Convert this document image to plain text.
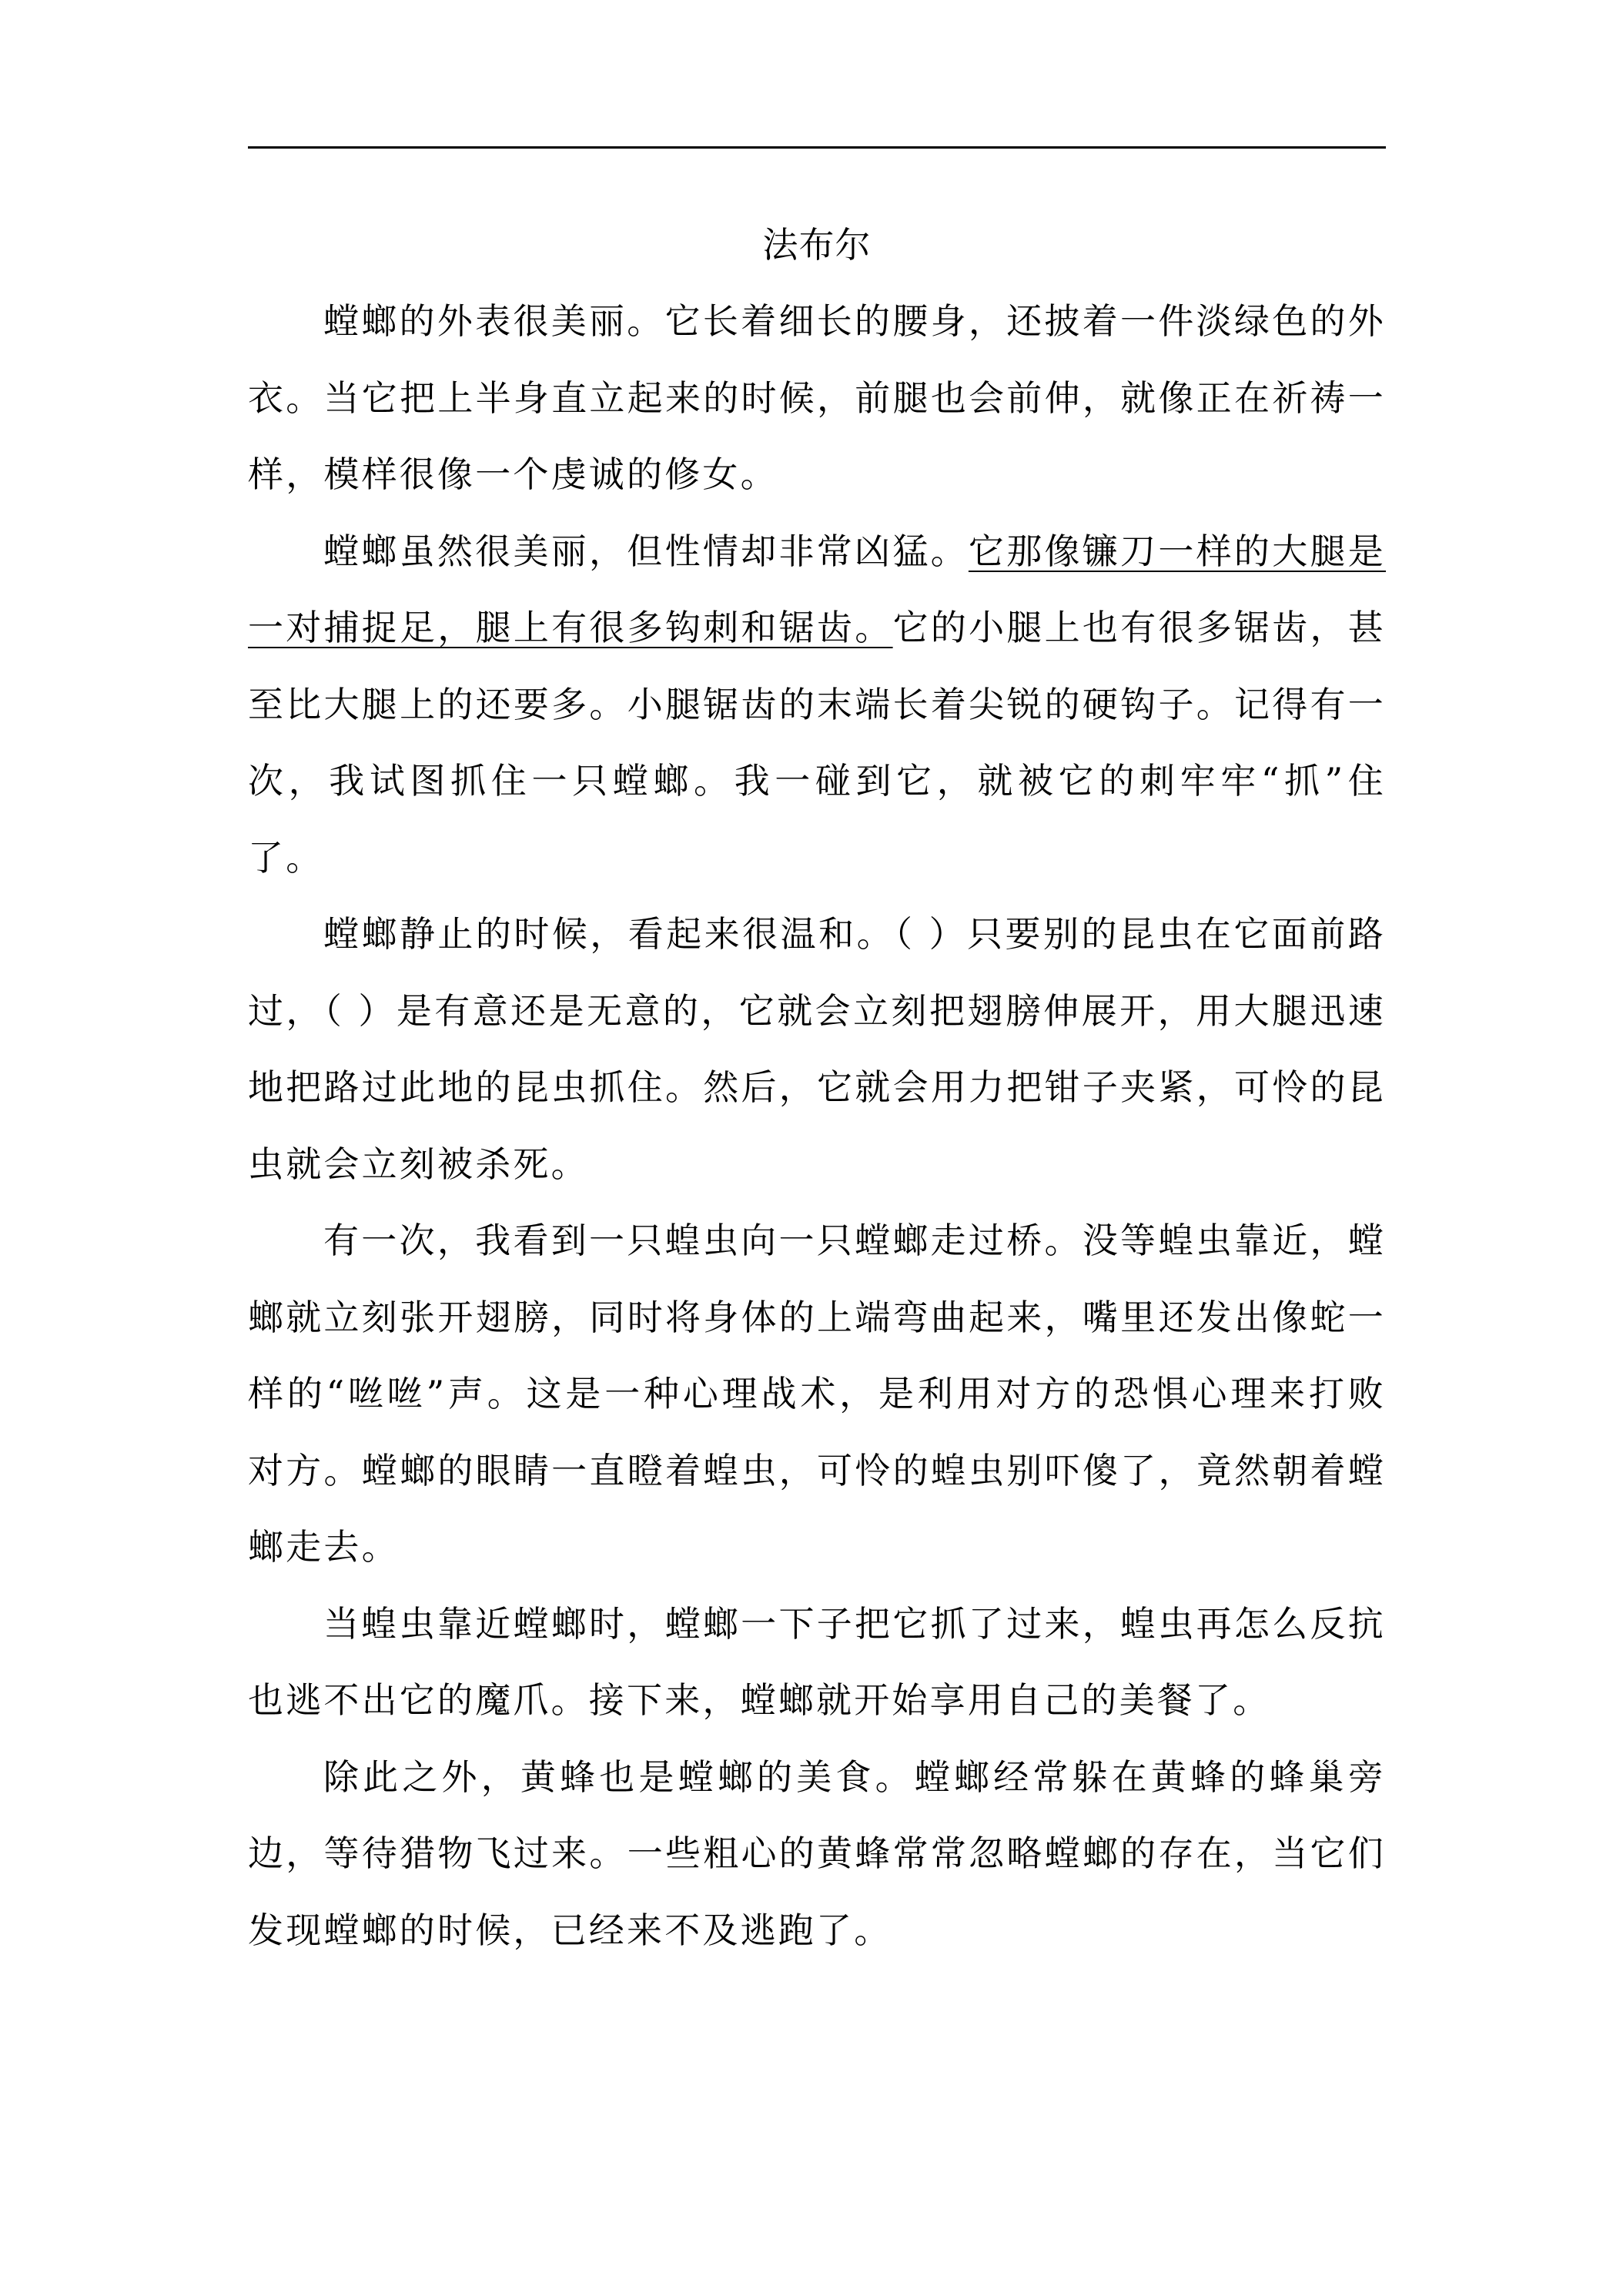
法布尔

螳螂的外表很美丽。它长着细长的腰身，还披着一件淡绿色的外衣。当它把上半身直立起来的时候，前腿也会前伸，就像正在祈祷一样，模样很像一个虔诚的修女。

螳螂虽然很美丽，但性情却非常凶猛。它那像镰刀一样的大腿是一对捕捉足，腿上有很多钩刺和锯齿。它的小腿上也有很多锯齿，甚至比大腿上的还要多。小腿锯齿的末端长着尖锐的硬钩子。记得有一次，我试图抓住一只螳螂。我一碰到它，就被它的刺牢牢“抓”住了。

螳螂静止的时候，看起来很温和。（ ）只要别的昆虫在它面前路过，（ ）是有意还是无意的，它就会立刻把翅膀伸展开，用大腿迅速地把路过此地的昆虫抓住。然后，它就会用力把钳子夹紧，可怜的昆虫就会立刻被杀死。

有一次，我看到一只蝗虫向一只螳螂走过桥。没等蝗虫靠近，螳螂就立刻张开翅膀，同时将身体的上端弯曲起来，嘴里还发出像蛇一样的“咝咝”声。这是一种心理战术，是利用对方的恐惧心理来打败对方。螳螂的眼睛一直瞪着蝗虫，可怜的蝗虫别吓傻了，竟然朝着螳螂走去。

当蝗虫靠近螳螂时，螳螂一下子把它抓了过来，蝗虫再怎么反抗也逃不出它的魔爪。接下来，螳螂就开始享用自己的美餐了。

除此之外，黄蜂也是螳螂的美食。螳螂经常躲在黄蜂的蜂巢旁边，等待猎物飞过来。一些粗心的黄蜂常常忽略螳螂的存在，当它们发现螳螂的时候，已经来不及逃跑了。
